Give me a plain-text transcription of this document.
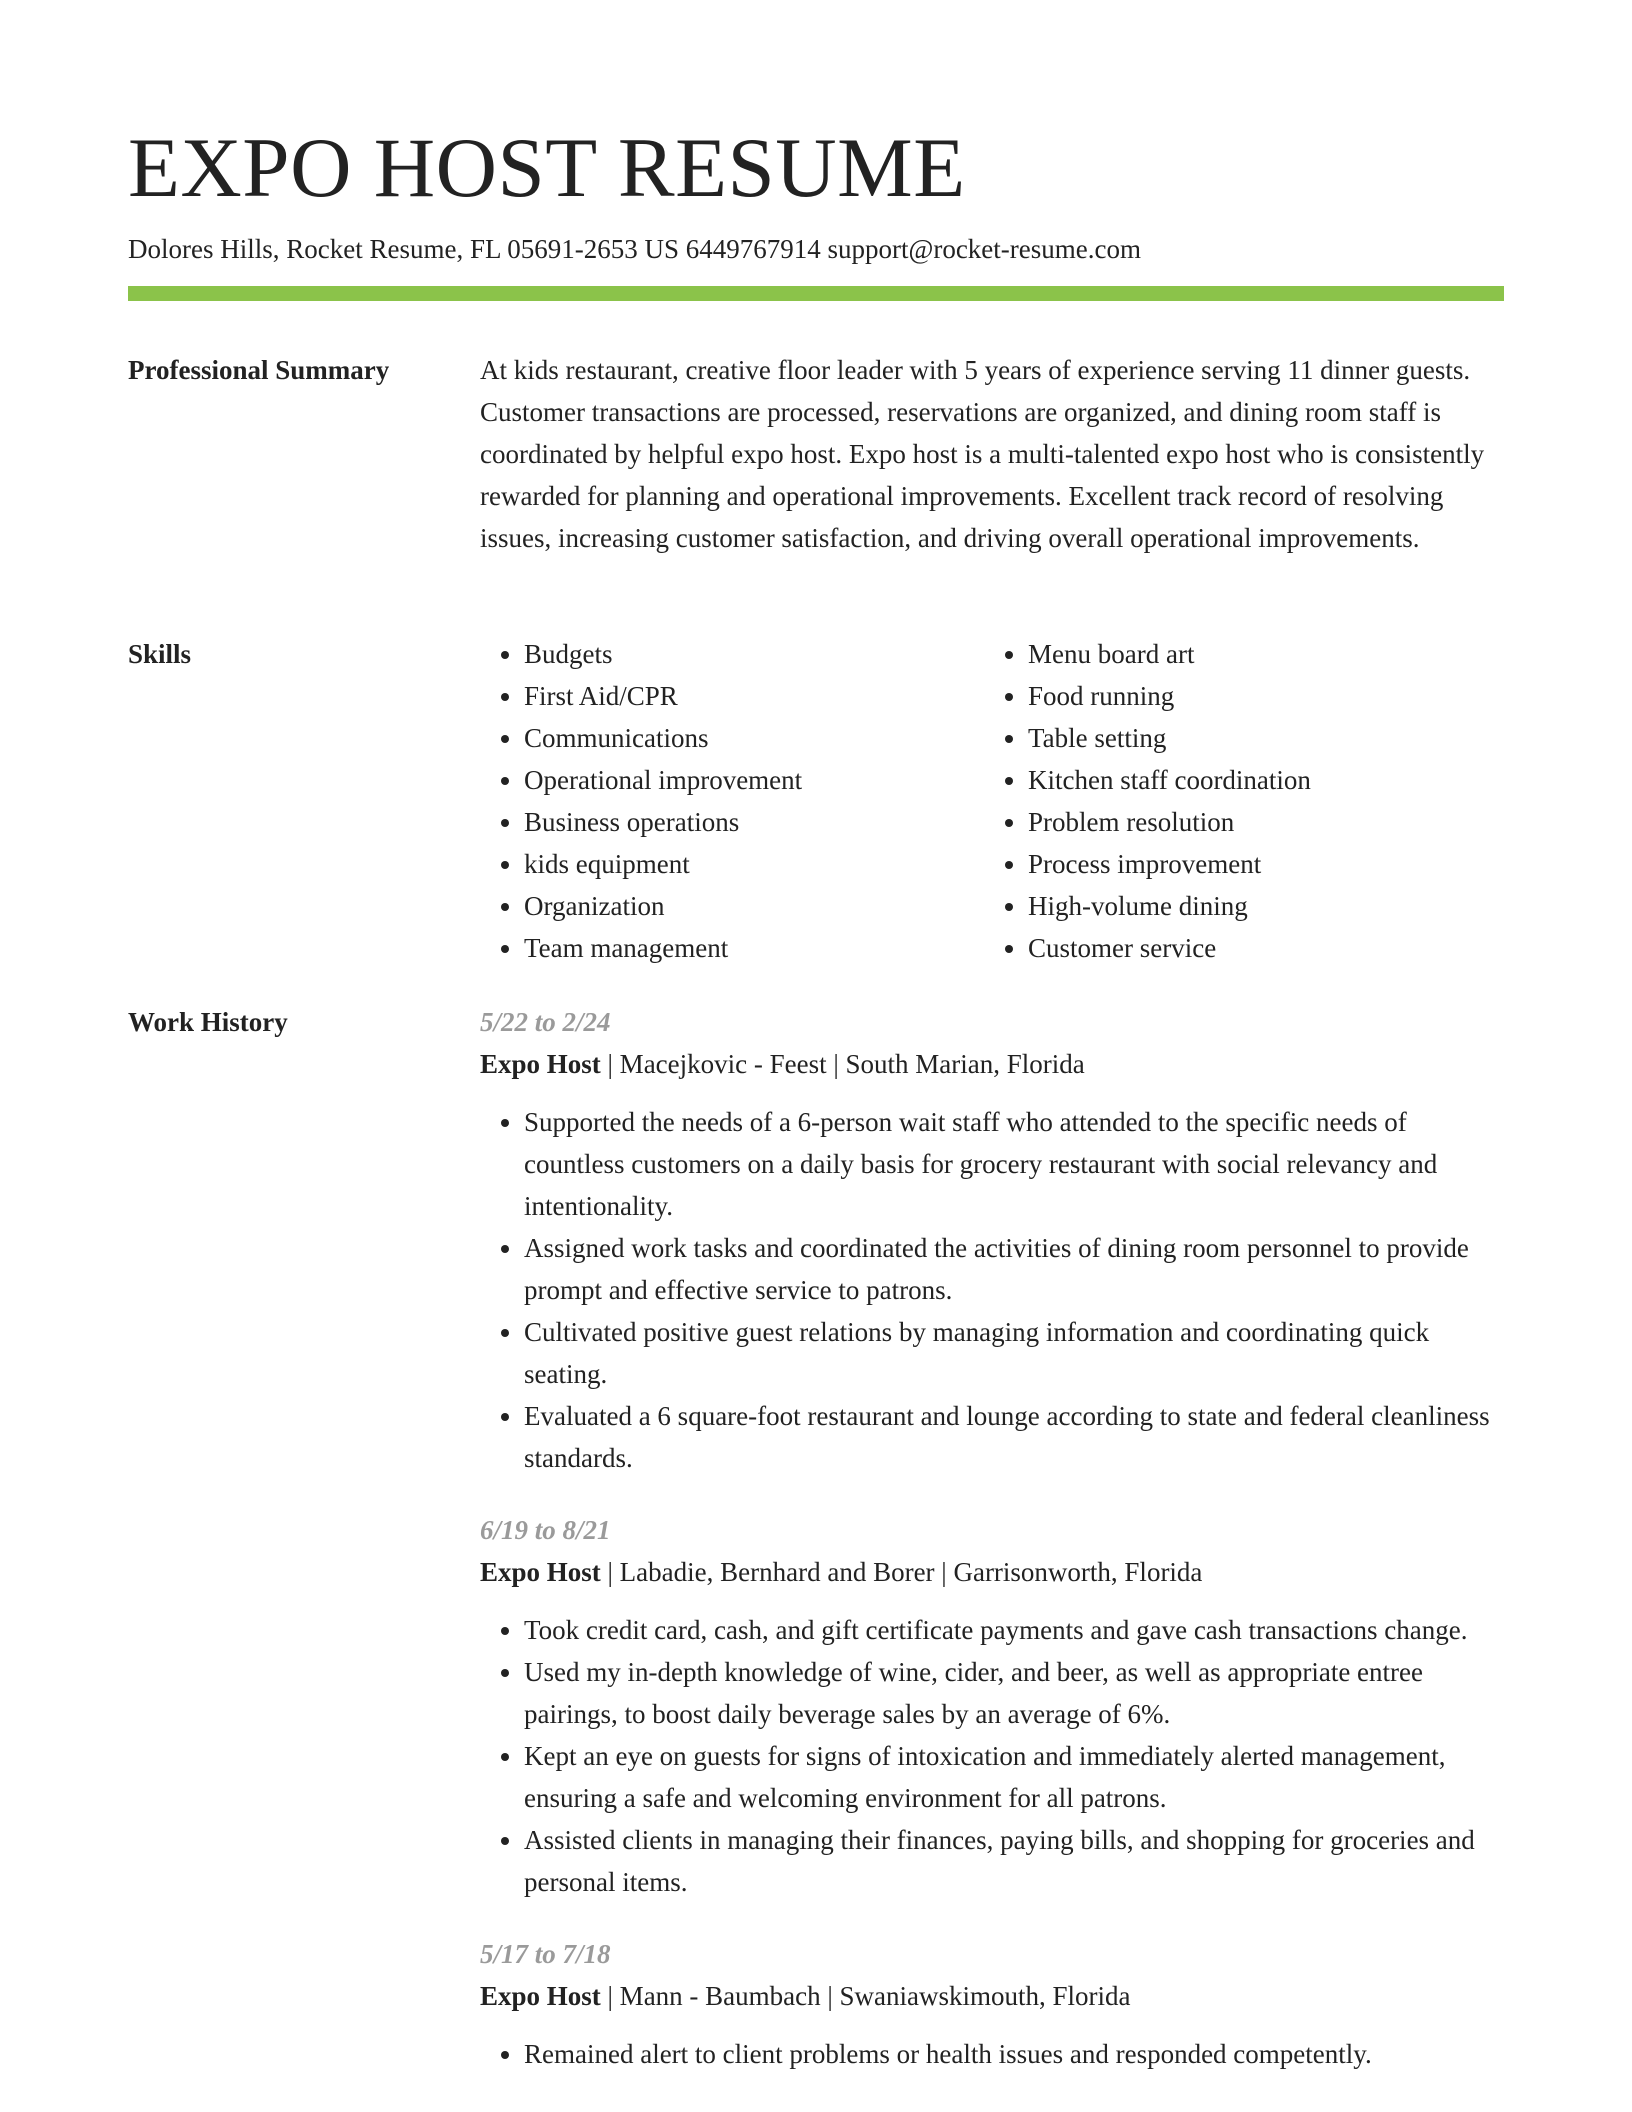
EXPO HOST RESUME
Dolores Hills, Rocket Resume, FL 05691-2653 US 6449767914 support@rocket-resume.com
Professional Summary	At kids restaurant, creative floor leader with 5 years of experience serving 11 dinner guests. Customer transactions are processed, reservations are organized, and dining room staff is coordinated by helpful expo host. Expo host is a multi-talented expo host who is consistently rewarded for planning and operational improvements. Excellent track record of resolving issues, increasing customer satisfaction, and driving overall operational improvements.

Skills
•	Budgets
• First Aid/CPR
• Communications
• Operational improvement
• Business operations
• kids equipment
• Organization
• Team management
• Menu board art
• Food running
• Table setting
• Kitchen staff coordination
• Problem resolution
• Process improvement
• High-volume dining
• Customer service
Work History	5/22 to 2/24
Expo Host | Macejkovic - Feest | South Marian, Florida
• Supported the needs of a 6-person wait staff who attended to the specific needs of countless customers on a daily basis for grocery restaurant with social relevancy and intentionality.
• Assigned work tasks and coordinated the activities of dining room personnel to provide prompt and effective service to patrons.
• Cultivated positive guest relations by managing information and coordinating quick seating.
• Evaluated a 6 square-foot restaurant and lounge according to state and federal cleanliness standards.
6/19 to 8/21
Expo Host | Labadie, Bernhard and Borer | Garrisonworth, Florida
• Took credit card, cash, and gift certificate payments and gave cash transactions change.
• Used my in-depth knowledge of wine, cider, and beer, as well as appropriate entree pairings, to boost daily beverage sales by an average of 6%.
• Kept an eye on guests for signs of intoxication and immediately alerted management, ensuring a safe and welcoming environment for all patrons.
• Assisted clients in managing their finances, paying bills, and shopping for groceries and personal items.
5/17 to 7/18
Expo Host | Mann - Baumbach | Swaniawskimouth, Florida
• Remained alert to client problems or health issues and responded competently.
